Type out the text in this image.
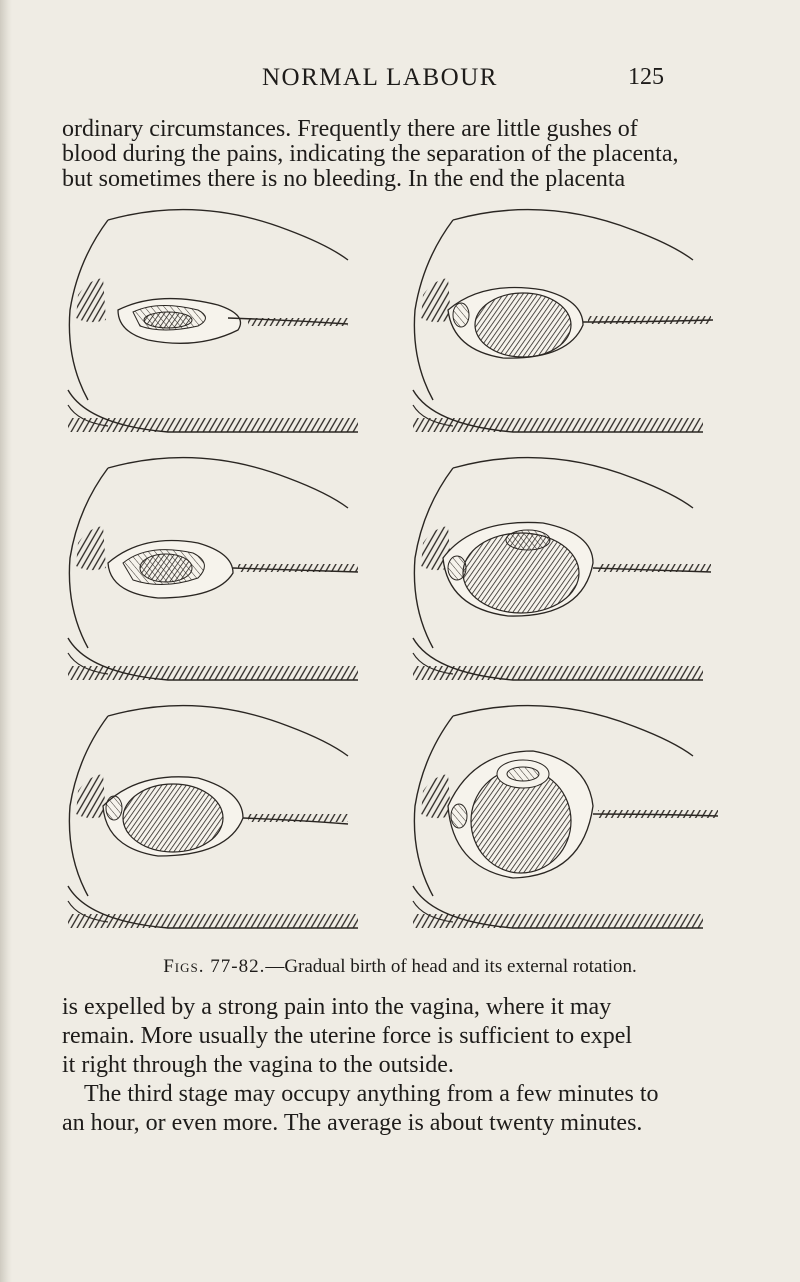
NORMAL LABOUR	125

ordinary circumstances. Frequently there are little gushes of

blood during the pains, indicating the separation of the placenta,

but sometimes there is no bleeding. In the end the placenta

Figs. 77-82.—Gradual birth of head and its external rotation.

is expelled by a strong pain into the vagina, where it may

remain. More usually the uterine force is sufficient to expel

it right through the vagina to the outside.

The third stage may occupy anything from a few minutes to

an hour, or even more. The average is about twenty minutes.
